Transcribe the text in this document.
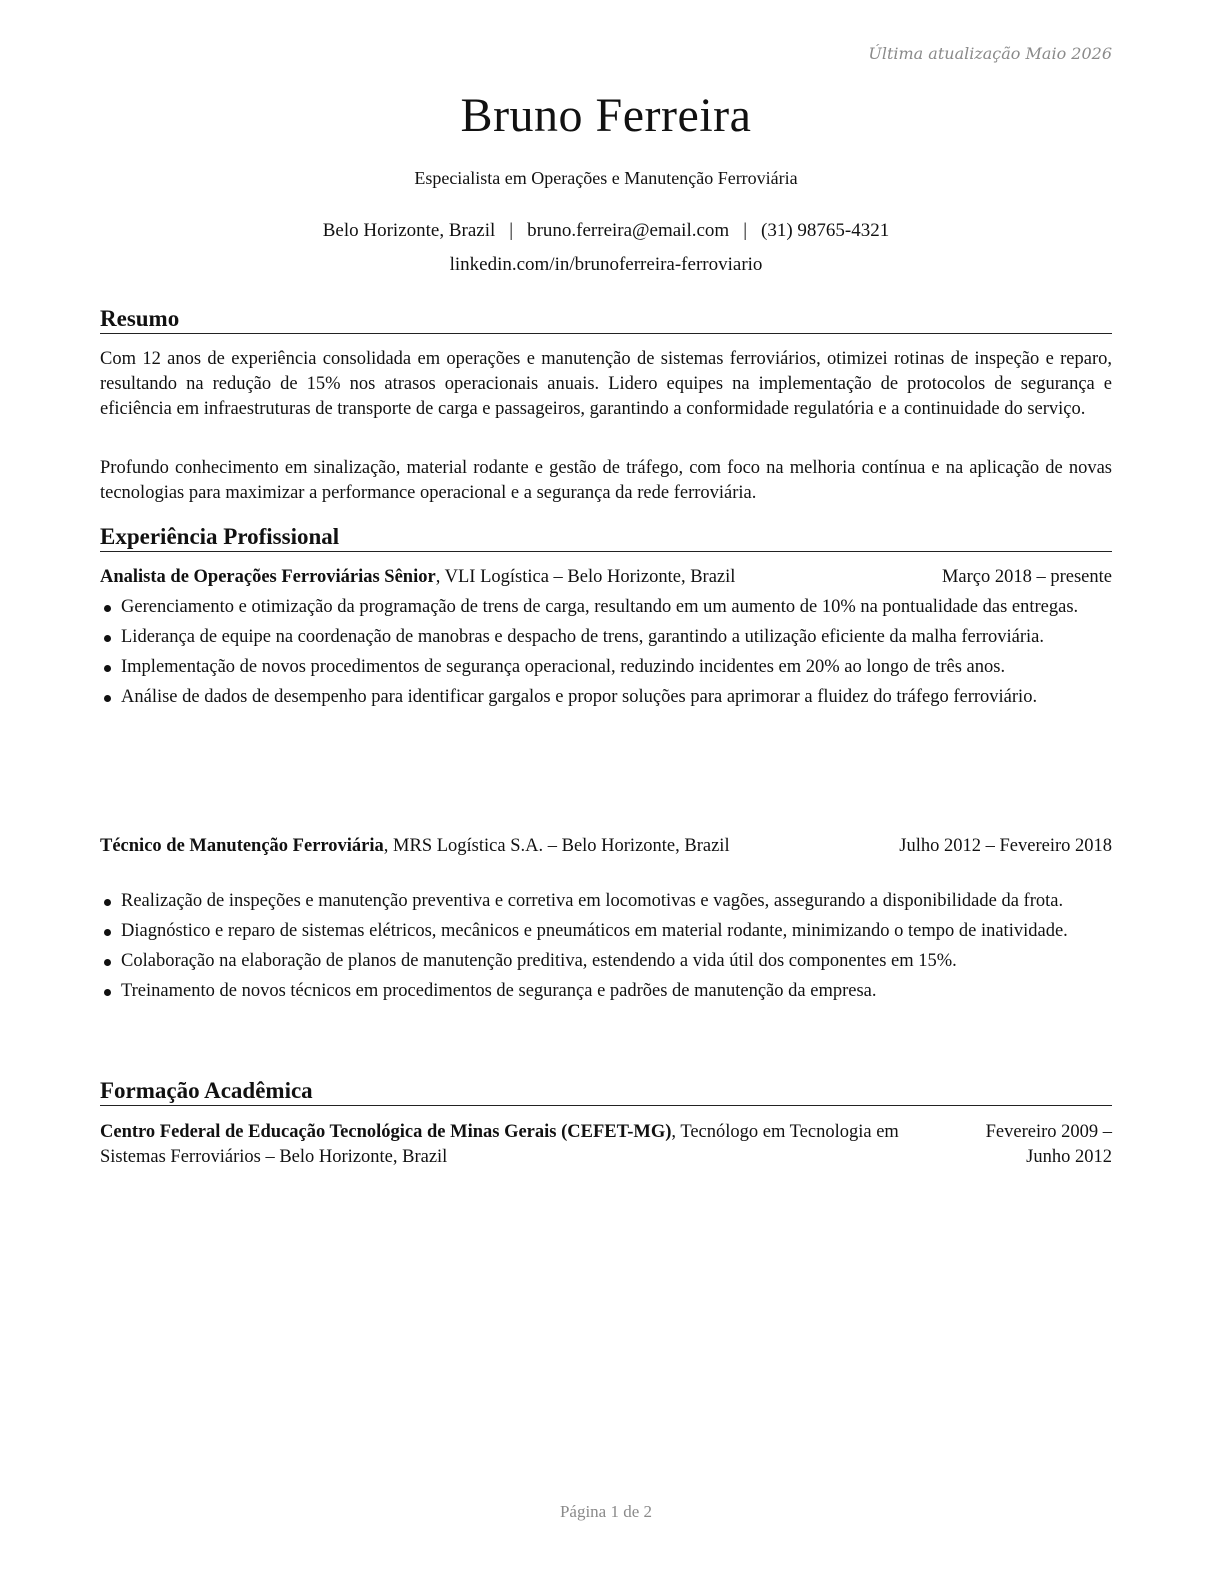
Última atualização Maio 2026
Bruno Ferreira
Especialista em Operações e Manutenção Ferroviária
Belo Horizonte, Brazil | bruno.ferreira@email.com | (31) 98765-4321
linkedin.com/in/brunoferreira-ferroviario
Resumo
Com 12 anos de experiência consolidada em operações e manutenção de sistemas ferroviários, otimizei rotinas de inspeção e reparo, resultando na redução de 15% nos atrasos operacionais anuais. Lidero equipes na implementação de protocolos de segurança e eficiência em infraestruturas de transporte de carga e passageiros, garantindo a conformidade regulatória e a continuidade do serviço.
Profundo conhecimento em sinalização, material rodante e gestão de tráfego, com foco na melhoria contínua e na aplicação de novas tecnologias para maximizar a performance operacional e a segurança da rede ferroviária.
Experiência Profissional
Analista de Operações Ferroviárias Sênior, VLI Logística – Belo Horizonte, Brazil	Março 2018 – presente
Gerenciamento e otimização da programação de trens de carga, resultando em um aumento de 10% na pontualidade das entregas.
Liderança de equipe na coordenação de manobras e despacho de trens, garantindo a utilização eficiente da malha ferroviária.
Implementação de novos procedimentos de segurança operacional, reduzindo incidentes em 20% ao longo de três anos.
Análise de dados de desempenho para identificar gargalos e propor soluções para aprimorar a fluidez do tráfego ferroviário.
Técnico de Manutenção Ferroviária, MRS Logística S.A. – Belo Horizonte, Brazil	Julho 2012 – Fevereiro 2018
Realização de inspeções e manutenção preventiva e corretiva em locomotivas e vagões, assegurando a disponibilidade da frota.
Diagnóstico e reparo de sistemas elétricos, mecânicos e pneumáticos em material rodante, minimizando o tempo de inatividade.
Colaboração na elaboração de planos de manutenção preditiva, estendendo a vida útil dos componentes em 15%.
Treinamento de novos técnicos em procedimentos de segurança e padrões de manutenção da empresa.
Formação Acadêmica
Centro Federal de Educação Tecnológica de Minas Gerais (CEFET-MG), Tecnólogo em Tecnologia em Sistemas Ferroviários – Belo Horizonte, Brazil
Fevereiro 2009 – Junho 2012
Página 1 de 2
